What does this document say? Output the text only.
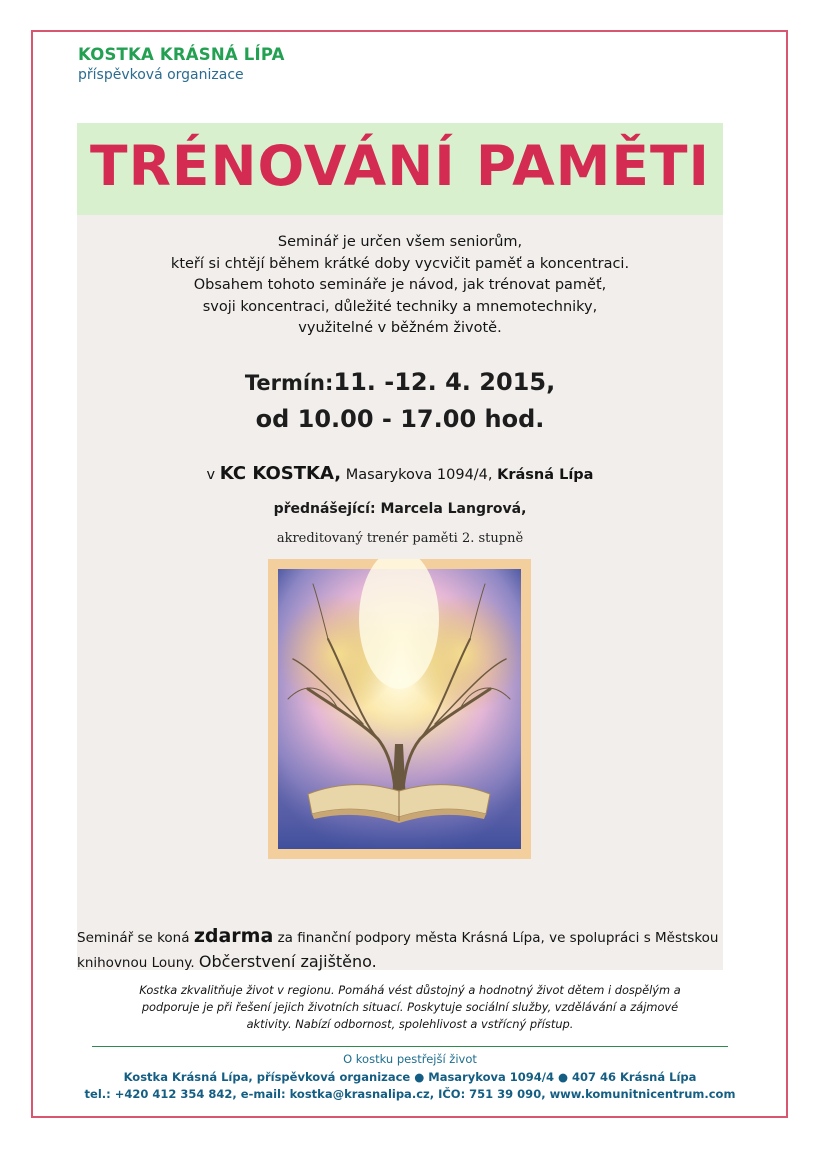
KOSTKA KRÁSNÁ LÍPA
příspěvková organizace
TRÉNOVÁNÍ PAMĚTI
Seminář je určen všem seniorům,
kteří si chtějí během krátké doby vycvičit paměť a koncentraci.
Obsahem tohoto semináře je návod, jak trénovat paměť,
svoji koncentraci, důležité techniky a mnemotechniky,
využitelné v běžném životě.
Termín:11. -12. 4. 2015,
od 10.00 - 17.00 hod.
v KC KOSTKA, Masarykova 1094/4, Krásná Lípa
přednášející: Marcela Langrová,
akreditovaný trenér paměti 2. stupně
Seminář se koná zdarma za finanční podpory města Krásná Lípa, ve spolupráci s Městskou
knihovnou Louny. Občerstvení zajištěno.
Kostka zkvalitňuje život v regionu. Pomáhá vést důstojný a hodnotný život dětem i dospělým a
podporuje je při řešení jejich životních situací. Poskytuje sociální služby, vzdělávání a zájmové
aktivity. Nabízí odbornost, spolehlivost a vstřícný přístup.
O kostku pestřejší život
Kostka Krásná Lípa, příspěvková organizace ● Masarykova 1094/4 ● 407 46 Krásná Lípa
tel.: +420 412 354 842, e-mail: kostka@krasnalipa.cz, IČO: 751 39 090, www.komunitnicentrum.com
